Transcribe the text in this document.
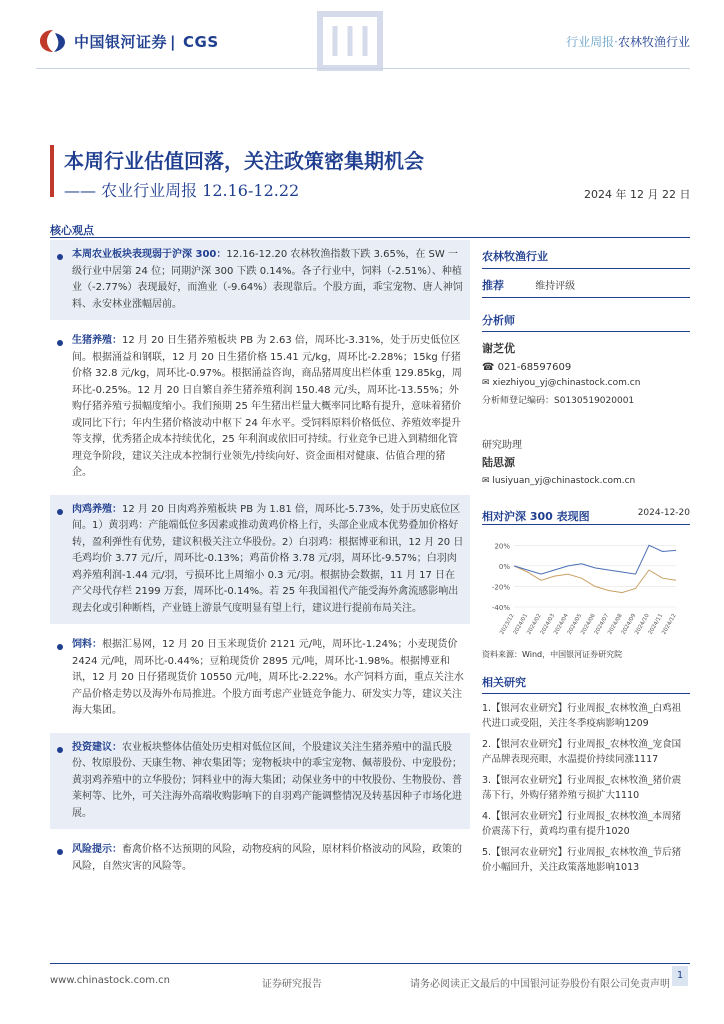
中国银河证券 | CGS	行业周报·农林牧渔行业
本周行业估值回落，关注政策密集期机会
—— 农业行业周报 12.16-12.22	2024 年 12 月 22 日
核心观点
本周农业板块表现弱于沪深 300：12.16-12.20 农林牧渔指数下跌 3.65%，在 SW 一级行业中居第 24 位；同期沪深 300 下跌 0.14%。各子行业中，饲料（-2.51%）、种植业（-2.77%）表现最好，而渔业（-9.64%）表现靠后。个股方面，乖宝宠物、唐人神饲料、永安林业涨幅居前。
生猪养殖：12 月 20 日生猪养殖板块 PB 为 2.63 倍，周环比-3.31%，处于历史低位区间。根据涌益和钢联，12 月 20 日生猪价格 15.41 元/kg，周环比-2.28%；15kg 仔猪价格 32.8 元/kg，周环比-0.97%。根据涌益咨询，商品猪周度出栏体重 129.85kg，周环比-0.25%。12 月 20 日自繁自养生猪养殖利润 150.48 元/头，周环比-13.55%；外购仔猪养殖亏损幅度缩小。我们预期 25 年生猪出栏量大概率同比略有提升，意味着猪价或同比下行；年内生猪价格波动中枢下 24 年水平。受饲料原料价格低位、养殖效率提升等支撑，优秀猪企成本持续优化，25 年利润或依旧可持续。行业竞争已进入到精细化管理竞争阶段，建议关注成本控制行业领先/持续向好、资金面相对健康、估值合理的猪企。
肉鸡养殖：12 月 20 日肉鸡养殖板块 PB 为 1.81 倍，周环比-5.73%，处于历史底位区间。1）黄羽鸡：产能端低位多因素或推动黄鸡价格上行，头部企业成本优势叠加价格好转，盈利弹性有优势，建议积极关注立华股份。2）白羽鸡：根据博亚和讯，12 月 20 日毛鸡均价 3.77 元/斤，周环比-0.13%；鸡苗价格 3.78 元/羽，周环比-9.57%；白羽肉鸡养殖利润-1.44 元/羽，亏损环比上周缩小 0.3 元/羽。根据协会数据，11 月 17 日在产父母代存栏 2199 万套，周环比-0.14%。若 25 年我国祖代产能受海外禽流感影响出现去化或引种断档，产业链上游景气度明显有望上行，建议进行提前布局关注。
饲料：根据汇易网，12 月 20 日玉米现货价 2121 元/吨，周环比-1.24%；小麦现货价 2424 元/吨，周环比-0.44%；豆粕现货价 2895 元/吨，周环比-1.98%。根据博亚和讯，12 月 20 日仔猪现货价 10550 元/吨，周环比-2.22%。水产饲料方面，重点关注水产品价格走势以及海外布局推进。个股方面考虑产业链竞争能力、研发实力等，建议关注海大集团。
投资建议：农业板块整体估值处历史相对低位区间，个股建议关注生猪养殖中的温氏股份、牧原股份、天康生物、神农集团等；宠物板块中的乖宝宠物、佩蒂股份、中宠股份；黄羽鸡养殖中的立华股份；饲料业中的海大集团；动保业务中的中牧股份、生物股份、普莱柯等、比外，可关注海外高端收购影响下的自羽鸡产能调整情况及转基因种子市场化进展。
风险提示：畜禽价格不达预期的风险，动物疫病的风险，原材料价格波动的风险，政策的风险，自然灾害的风险等。
农林牧渔行业
推荐	维持评级
分析师
谢芝优
☎ 021-68597609
✉ xiezhiyou_yj@chinastock.com.cn
分析师登记编码：S0130519020001
研究助理
陆思源
✉ lusiyuan_yj@chinastock.com.cn
相对沪深 300 表现图	2024-12-20
20%
0%
-20%
-40%
2023/12
2024/01
2024/02
2024/03
2024/04
2024/05
2024/06
2024/07
2024/08
2024/09
2024/10
2024/11
2024/12
资料来源：Wind，中国银河证券研究院
相关研究
1.【银河农业研究】行业周报_农林牧渔_白鸡祖代进口或受阻，关注冬季疫病影响1209
2.【银河农业研究】行业周报_农林牧渔_宠食国产品牌表现亮眼，水温提价持续同涨1117
3.【银河农业研究】行业周报_农林牧渔_猪价震荡下行，外购仔猪养殖亏损扩大1110
4.【银河农业研究】行业周报_农林牧渔_本周猪价震荡下行，黄鸡均重有提升1020
5.【银河农业研究】行业周报_农林牧渔_节后猪价小幅回升，关注政策落地影响1013
www.chinastock.com.cn	证券研究报告	请务必阅读正文最后的中国银河证券股份有限公司免责声明
1
